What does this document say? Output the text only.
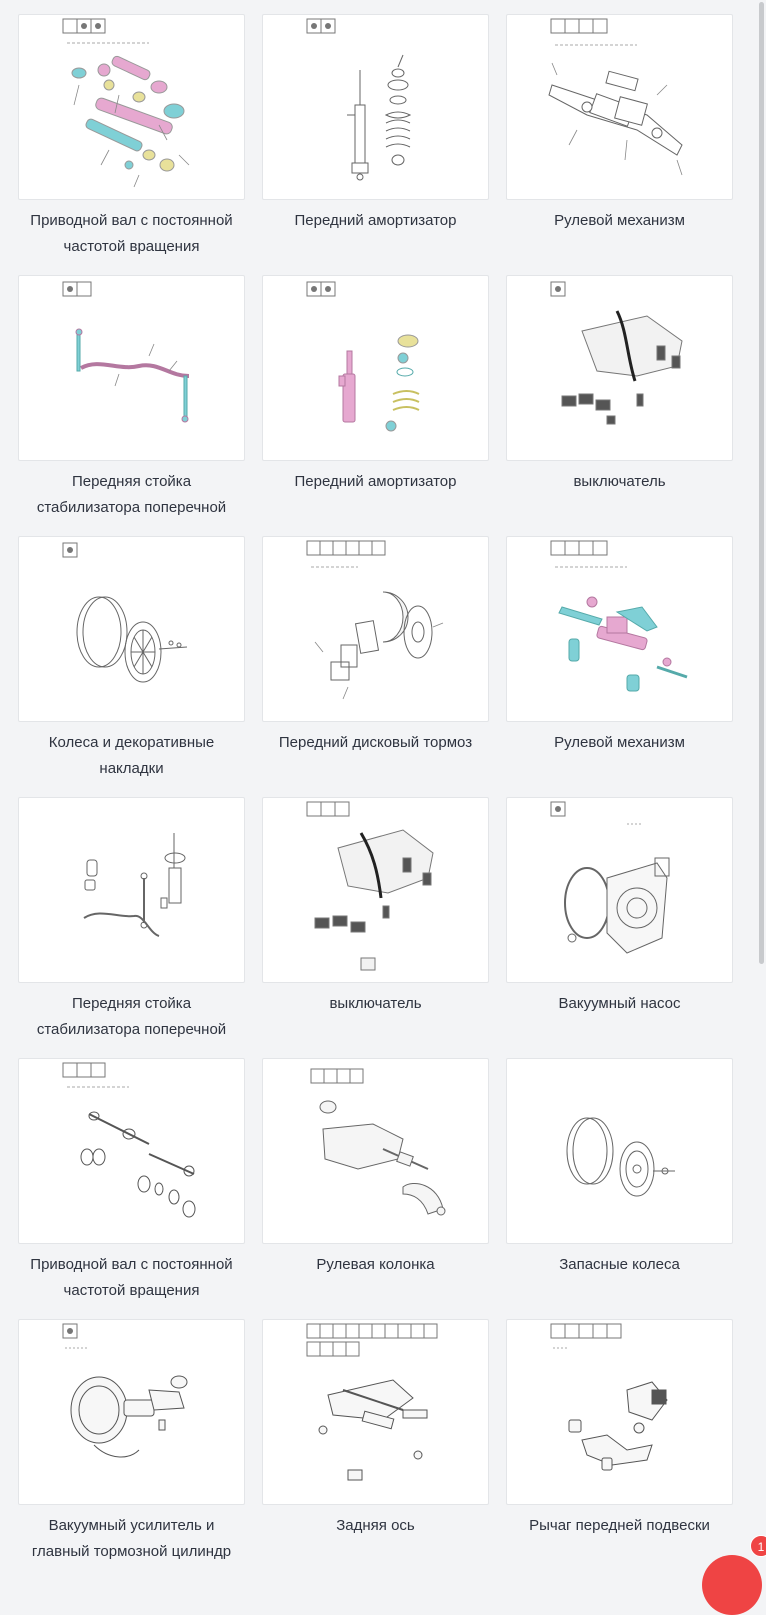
Приводной вал с постоянной частотой вращения
Передний амортизатор	Рулевой механизм
Передняя стойка стабилизатора поперечной
Передний амортизатор	выключатель
Колеса и декоративные накладки
Передний дисковый тормоз	Рулевой механизм
Передняя стойка стабилизатора поперечной
выключатель	Вакуумный насос
Приводной вал с постоянной частотой вращения
Рулевая колонка	Запасные колеса
Вакуумный усилитель и главный тормозной цилиндр
Задняя ось	Рычаг передней подвески
1
